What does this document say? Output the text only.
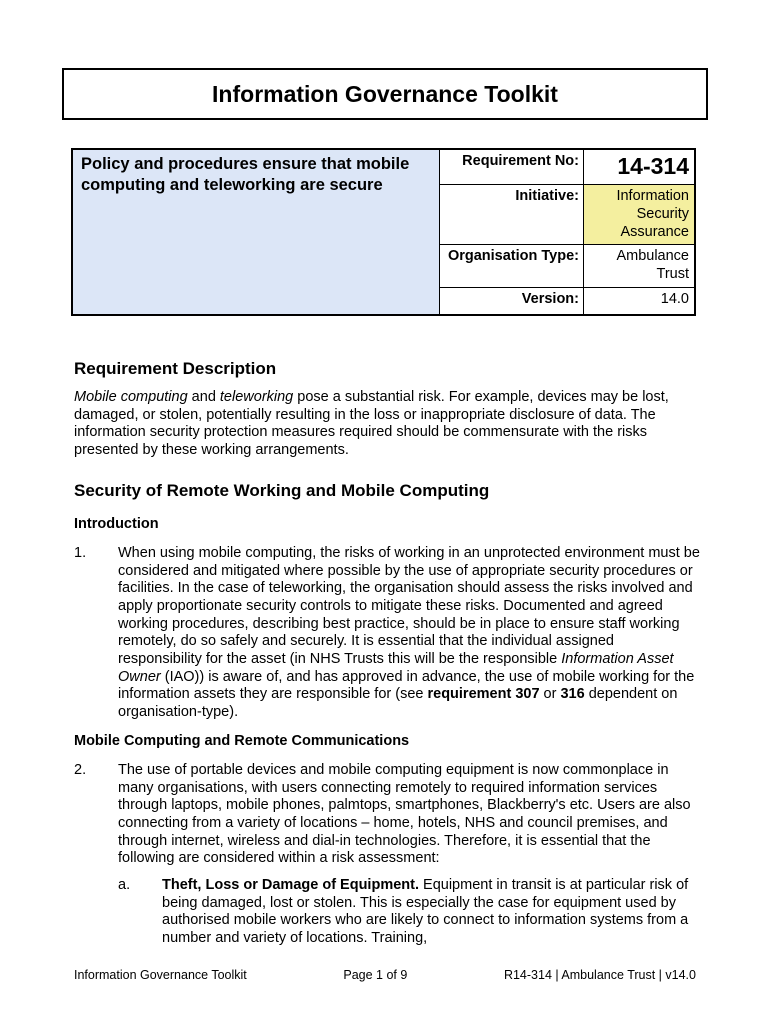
Information Governance Toolkit
Policy and procedures ensure that mobile computing and teleworking are secure
Requirement No:	14-314
Initiative:	Information Security Assurance
Organisation Type:	Ambulance Trust
Version:	14.0
Requirement Description

Mobile computing and teleworking pose a substantial risk. For example, devices may be lost, damaged, or stolen, potentially resulting in the loss or inappropriate disclosure of data. The information security protection measures required should be commensurate with the risks presented by these working arrangements.

Security of Remote Working and Mobile Computing
Introduction
1.	When using mobile computing, the risks of working in an unprotected environment must be considered and mitigated where possible by the use of appropriate security procedures or facilities. In the case of teleworking, the organisation should assess the risks involved and apply proportionate security controls to mitigate these risks. Documented and agreed working procedures, describing best practice, should be in place to ensure staff working remotely, do so safely and securely. It is essential that the individual assigned responsibility for the asset (in NHS Trusts this will be the responsible Information Asset Owner (IAO)) is aware of, and has approved in advance, the use of mobile working for the information assets they are responsible for (see requirement 307 or 316 dependent on organisation-type).
Mobile Computing and Remote Communications
2.	The use of portable devices and mobile computing equipment is now commonplace in many organisations, with users connecting remotely to required information services through laptops, mobile phones, palmtops, smartphones, Blackberry's etc. Users are also connecting from a variety of locations – home, hotels, NHS and council premises, and through internet, wireless and dial-in technologies. Therefore, it is essential that the following are considered within a risk assessment:
a.	Theft, Loss or Damage of Equipment. Equipment in transit is at particular risk of being damaged, lost or stolen. This is especially the case for equipment used by authorised mobile workers who are likely to connect to information systems from a number and variety of locations. Training,
Information Governance Toolkit	Page 1 of 9	R14-314 | Ambulance Trust | v14.0
